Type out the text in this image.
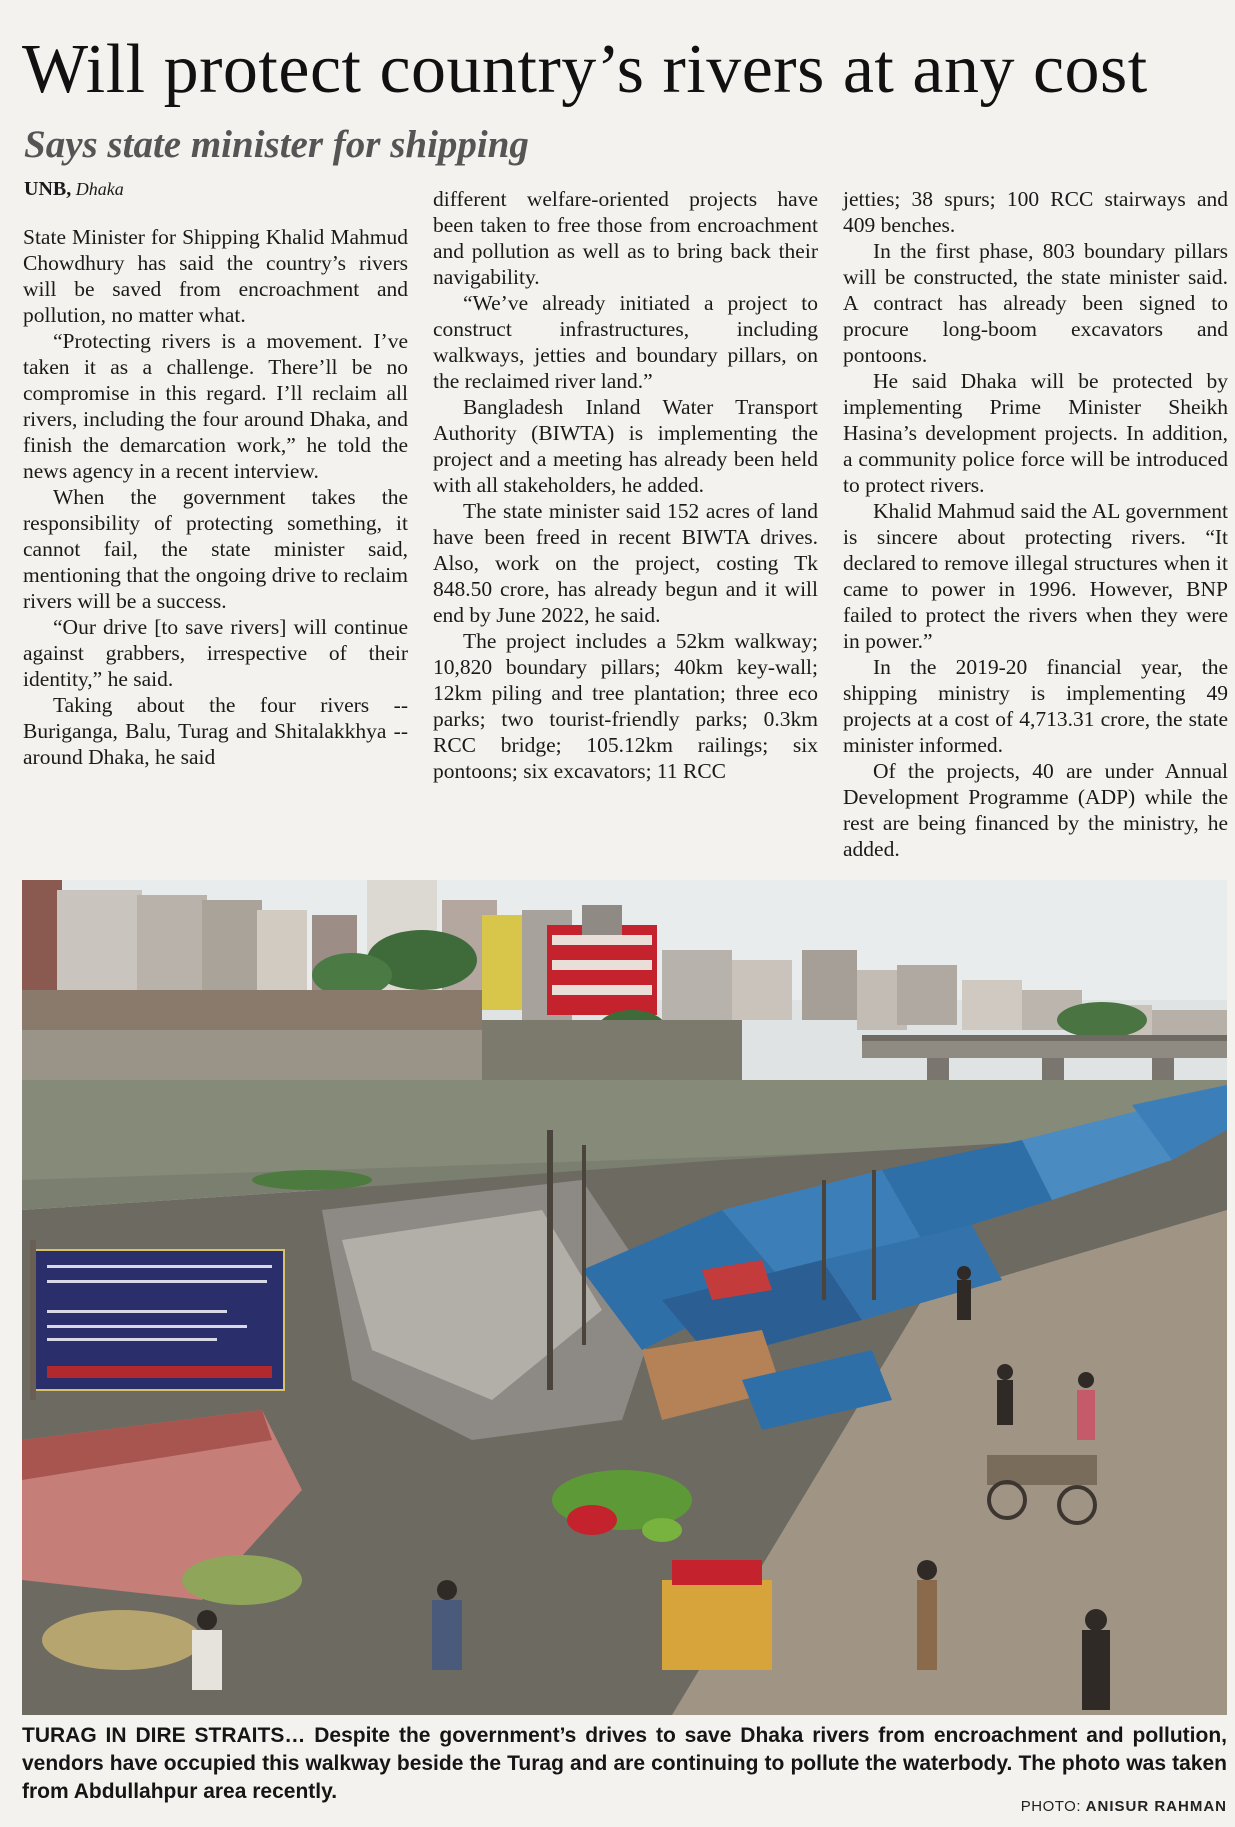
Will protect country’s rivers at any cost
Says state minister for shipping
UNB, Dhaka

State Minister for Shipping Khalid Mahmud Chowdhury has said the country’s rivers will be saved from encroachment and pollution, no matter what.

“Protecting rivers is a movement. I’ve taken it as a challenge. There’ll be no compromise in this regard. I’ll reclaim all rivers, including the four around Dhaka, and finish the demarcation work,” he told the news agency in a recent interview.

When the government takes the responsibility of protecting something, it cannot fail, the state minister said, mentioning that the ongoing drive to reclaim rivers will be a success.

“Our drive [to save rivers] will continue against grabbers, irrespective of their identity,” he said.

Taking about the four rivers -- Buriganga, Balu, Turag and Shitalakkhya -- around Dhaka, he said

different welfare-oriented projects have been taken to free those from encroachment and pollution as well as to bring back their navigability.

“We’ve already initiated a project to construct infrastructures, including walkways, jetties and boundary pillars, on the reclaimed river land.”

Bangladesh Inland Water Transport Authority (BIWTA) is implementing the project and a meeting has already been held with all stakeholders, he added.

The state minister said 152 acres of land have been freed in recent BIWTA drives. Also, work on the project, costing Tk 848.50 crore, has already begun and it will end by June 2022, he said.

The project includes a 52km walkway; 10,820 boundary pillars; 40km key-wall; 12km piling and tree plantation; three eco parks; two tourist-friendly parks; 0.3km RCC bridge; 105.12km railings; six pontoons; six excavators; 11 RCC

jetties; 38 spurs; 100 RCC stairways and 409 benches.

In the first phase, 803 boundary pillars will be constructed, the state minister said. A contract has already been signed to procure long-boom excavators and pontoons.

He said Dhaka will be protected by implementing Prime Minister Sheikh Hasina’s development projects. In addition, a community police force will be introduced to protect rivers.

Khalid Mahmud said the AL government is sincere about protecting rivers. “It declared to remove illegal structures when it came to power in 1996. However, BNP failed to protect the rivers when they were in power.”

In the 2019-20 financial year, the shipping ministry is implementing 49 projects at a cost of 4,713.31 crore, the state minister informed.

Of the projects, 40 are under Annual Development Programme (ADP) while the rest are being financed by the ministry, he added.

TURAG IN DIRE STRAITS… Despite the government’s drives to save Dhaka rivers from encroachment and pollution, vendors have occupied this walkway beside the Turag and are continuing to pollute the waterbody. The photo was taken from Abdullahpur area recently.
PHOTO: ANISUR RAHMAN
